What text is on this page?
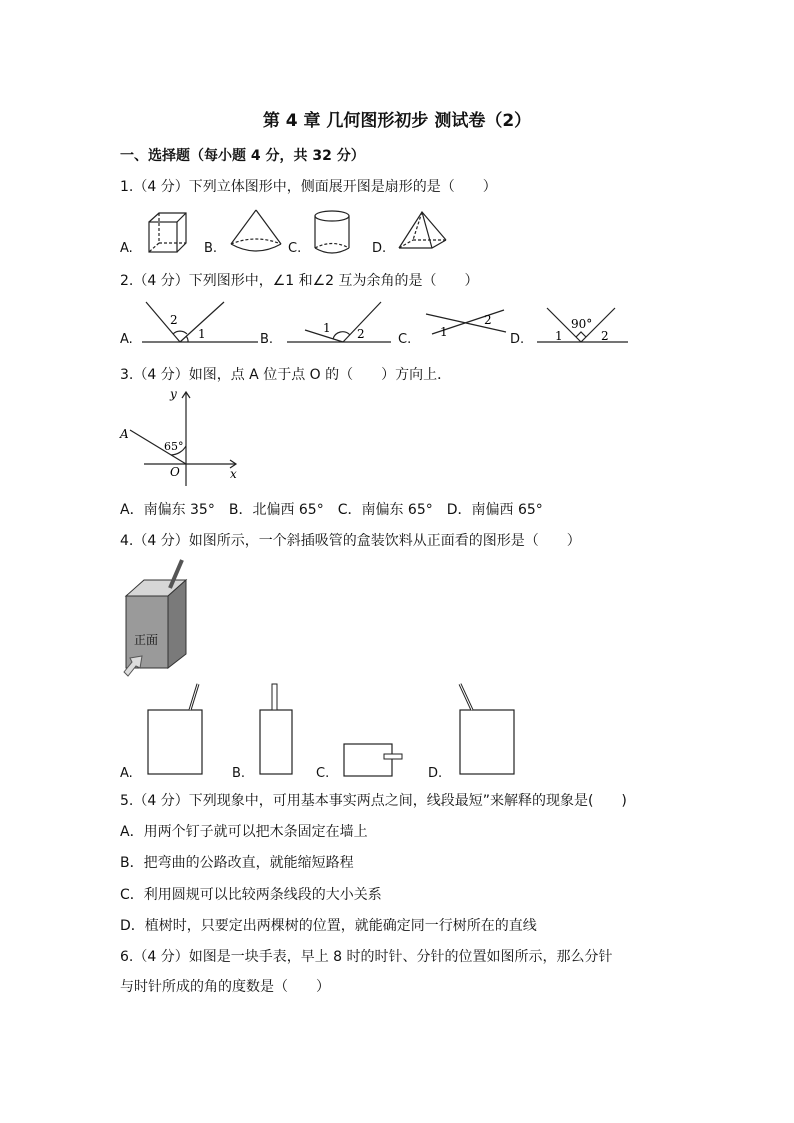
第 4 章 几何图形初步 测试卷（2）
一、选择题（每小题 4 分，共 32 分）
1.（4 分）下列立体图形中，侧面展开图是扇形的是（　　）
A.	B.	C.	D.
2.（4 分）下列图形中，∠1 和∠2 互为余角的是（　　）
A.	B.	C.	D.
2
1	1 2	1
2	90°
1	2
3.（4 分）如图，点 A 位于点 O 的（　　）方向上．
y
x
A
O
65°
A．南偏东 35°　B．北偏西 65°　C．南偏东 65°　D．南偏西 65°
4.（4 分）如图所示，一个斜插吸管的盒装饮料从正面看的图形是（　　）
正面
A.	B.	C.	D.
5.（4 分）下列现象中，可用基本事实两点之间，线段最短”来解释的现象是(　　)
A．用两个钉子就可以把木条固定在墙上
B．把弯曲的公路改直，就能缩短路程
C．利用圆规可以比较两条线段的大小关系
D．植树时，只要定出两棵树的位置，就能确定同一行树所在的直线
6.（4 分）如图是一块手表，早上 8 时的时针、分针的位置如图所示，那么分针
与时针所成的角的度数是（　　）
